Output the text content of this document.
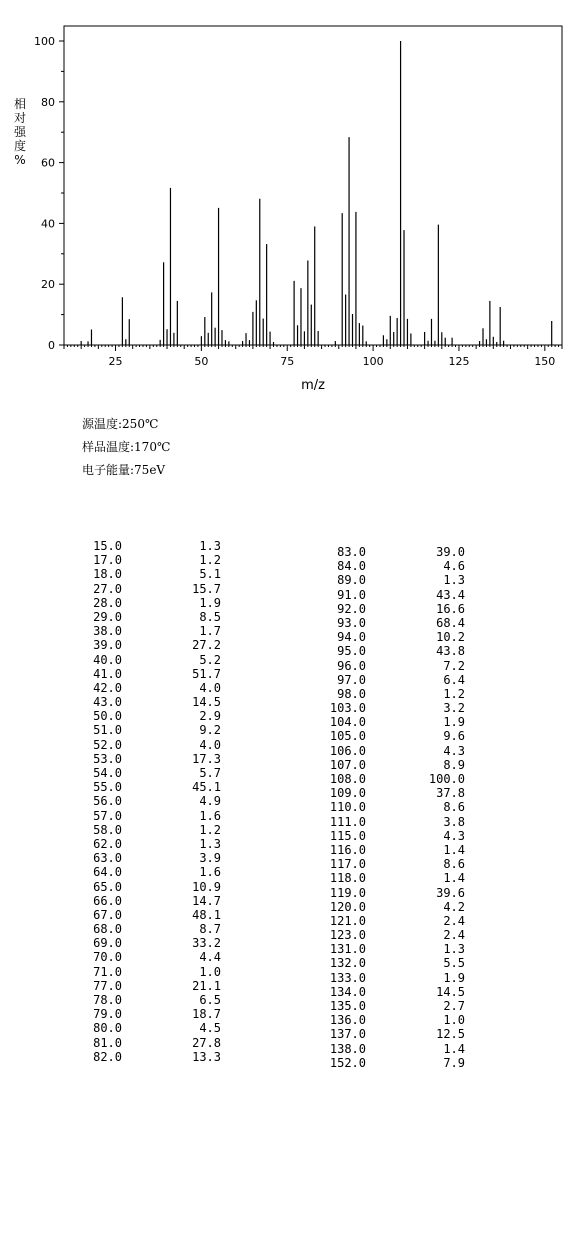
0
20
40
60
80
100
25	50	75	100	125	150
m/z
相对强度%
源温度:250℃
样品温度:170℃
电子能量:75eV
15.0	1.3
17.0	1.2
18.0	5.1
27.0	15.7
28.0	1.9
29.0	8.5
38.0	1.7
39.0	27.2
40.0	5.2
41.0	51.7
42.0	4.0
43.0	14.5
50.0	2.9
51.0	9.2
52.0	4.0
53.0	17.3
54.0	5.7
55.0	45.1
56.0	4.9
57.0	1.6
58.0	1.2
62.0	1.3
63.0	3.9
64.0	1.6
65.0	10.9
66.0	14.7
67.0	48.1
68.0	8.7
69.0	33.2
70.0	4.4
71.0	1.0
77.0	21.1
78.0	6.5
79.0	18.7
80.0	4.5
81.0	27.8
82.0	13.3
83.0	39.0
84.0	4.6
89.0	1.3
91.0	43.4
92.0	16.6
93.0	68.4
94.0	10.2
95.0	43.8
96.0	7.2
97.0	6.4
98.0	1.2
103.0	3.2
104.0	1.9
105.0	9.6
106.0	4.3
107.0	8.9
108.0	100.0
109.0	37.8
110.0	8.6
111.0	3.8
115.0	4.3
116.0	1.4
117.0	8.6
118.0	1.4
119.0	39.6
120.0	4.2
121.0	2.4
123.0	2.4
131.0	1.3
132.0	5.5
133.0	1.9
134.0	14.5
135.0	2.7
136.0	1.0
137.0	12.5
138.0	1.4
152.0	7.9
